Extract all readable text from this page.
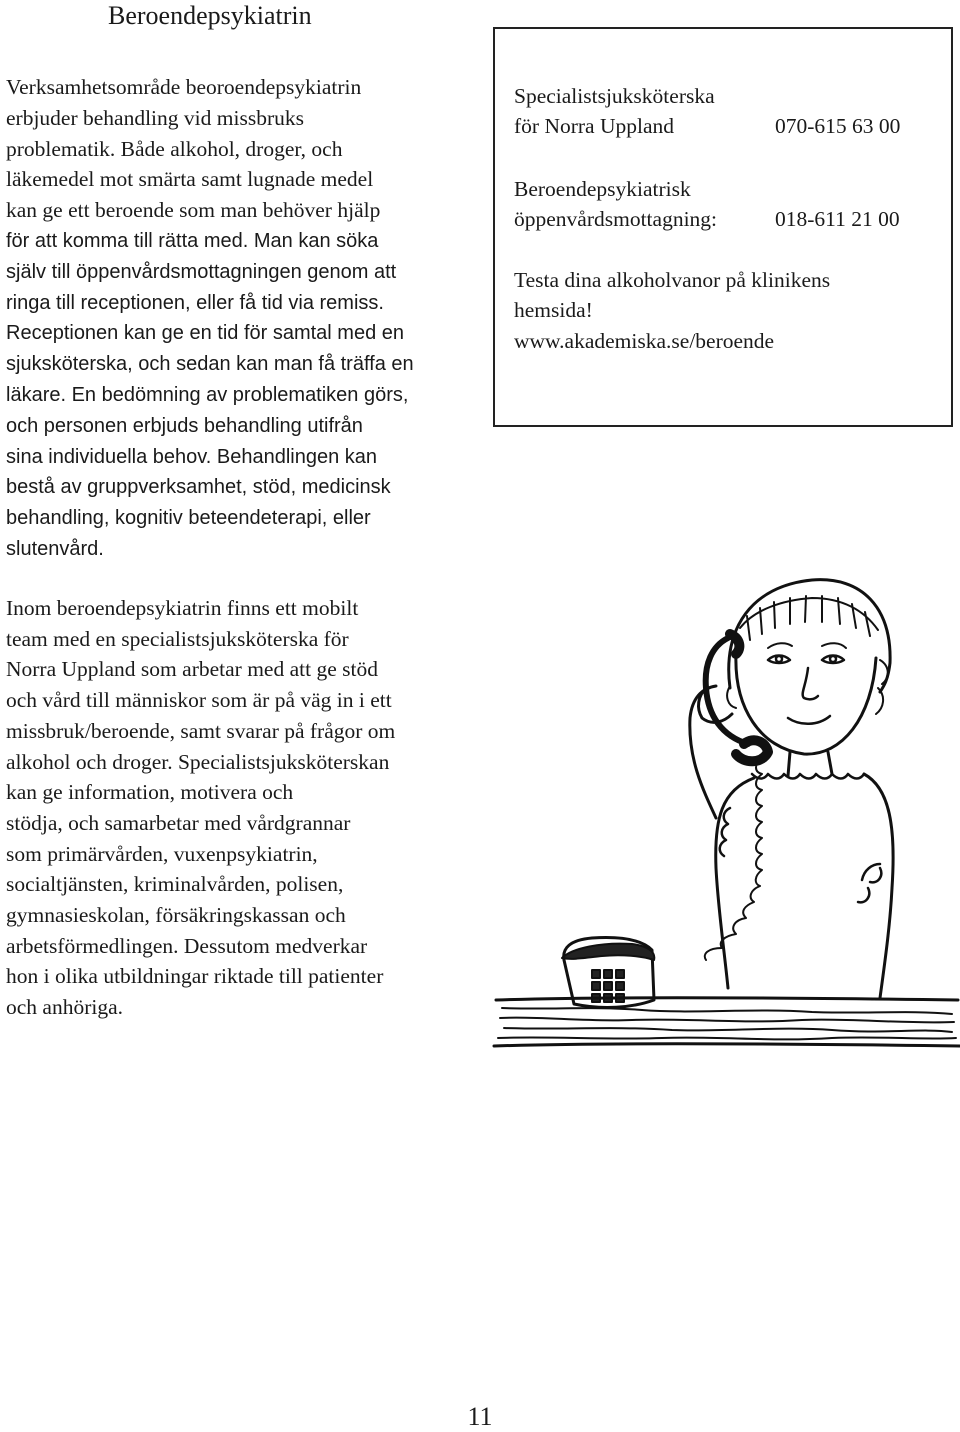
Beroendepsykiatrin
Verksamhetsområde beoroendepsykiatrin
erbjuder behandling vid missbruks
problematik. Både alkohol, droger, och
läkemedel mot smärta samt lugnade medel
kan ge ett beroende som man behöver hjälp
för att komma till rätta med. Man kan söka
själv till öppenvårdsmottagningen genom att
ringa till receptionen, eller få tid via remiss.
Receptionen kan ge en tid för samtal med en
sjuksköterska, och sedan kan man få träffa en
läkare. En bedömning av problematiken görs,
och personen erbjuds behandling utifrån
sina individuella behov. Behandlingen kan
bestå av gruppverksamhet, stöd, medicinsk
behandling, kognitiv beteendeterapi, eller
slutenvård.
Inom beroendepsykiatrin finns ett mobilt
team med en specialistsjuksköterska för
Norra Uppland som arbetar med att ge stöd
och vård till människor som är på väg in i ett
missbruk/beroende, samt svarar på frågor om
alkohol och droger. Specialistsjuksköterskan
kan ge information, motivera och
stödja, och samarbetar med vårdgrannar
som primärvården, vuxenpsykiatrin,
socialtjänsten, kriminalvården, polisen,
gymnasieskolan, försäkringskassan och
arbetsförmedlingen. Dessutom medverkar
hon i olika utbildningar riktade till patienter
och anhöriga.
Specialistsjuksköterska
för Norra Uppland	070-615 63 00
Beroendepsykiatrisk
öppenvårdsmottagning:	018-611 21 00
Testa dina alkoholvanor på klinikens
hemsida!
www.akademiska.se/beroende
11
